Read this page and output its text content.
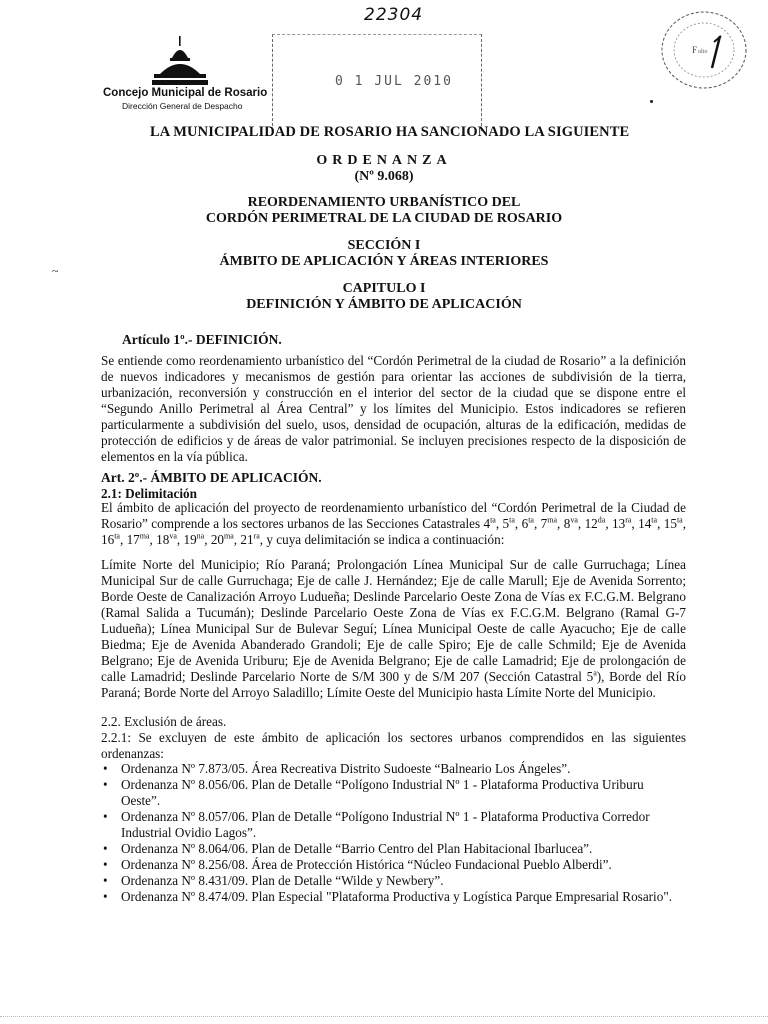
22304
0 1 JUL 2010
F olio
Concejo Municipal de Rosario
Dirección General de Despacho
~
LA MUNICIPALIDAD DE ROSARIO HA SANCIONADO LA SIGUIENTE
ORDENANZA
(Nº 9.068)
REORDENAMIENTO URBANÍSTICO DEL
CORDÓN PERIMETRAL DE LA CIUDAD DE ROSARIO
SECCIÓN I
ÁMBITO DE APLICACIÓN Y ÁREAS INTERIORES
CAPITULO I
DEFINICIÓN Y ÁMBITO DE APLICACIÓN
Artículo 1º.- DEFINICIÓN.
Se entiende como reordenamiento urbanístico del “Cordón Perimetral de la ciudad de Rosario” a la definición de nuevos indicadores y mecanismos de gestión para orientar las acciones de subdivisión de la tierra, urbanización, reconversión y construcción en el interior del sector de la ciudad que se dispone entre el “Segundo Anillo Perimetral al Área Central” y los límites del Municipio. Estos indicadores se refieren particularmente a subdivisión del suelo, usos, densidad de ocupación, alturas de la edificación, medidas de protección de edificios y de áreas de valor patrimonial. Se incluyen precisiones respecto de la disposición de elementos en la vía pública.
Art. 2º.- ÁMBITO DE APLICACIÓN.
2.1: Delimitación
El ámbito de aplicación del proyecto de reordenamiento urbanístico del “Cordón Perimetral de la Ciudad de Rosario” comprende a los sectores urbanos de las Secciones Catastrales $4^{ta}$, $5^{ta}$, $6^{ta}$, $7^{ma}$, $8^{va}$, $12^{da}$, $13^{ra}$, $14^{ta}$, $15^{ta}$, $16^{ta}$, $17^{ma}$, $18^{va}$, $19^{na}$, $20^{ma}$, $21^{ra}$, y cuya delimitación se indica a continuación:
Límite Norte del Municipio; Río Paraná; Prolongación Línea Municipal Sur de calle Gurruchaga; Línea Municipal Sur de calle Gurruchaga; Eje de calle J. Hernández; Eje de calle Marull; Eje de Avenida Sorrento; Borde Oeste de Canalización Arroyo Ludueña; Deslinde Parcelario Oeste Zona de Vías ex F.C.G.M. Belgrano (Ramal Salida a Tucumán); Deslinde Parcelario Oeste Zona de Vías ex F.C.G.M. Belgrano (Ramal G-7 Ludueña); Línea Municipal Sur de Bulevar Seguí; Línea Municipal Oeste de calle Ayacucho; Eje de calle Biedma; Eje de Avenida Abanderado Grandoli; Eje de calle Spiro; Eje de calle Schmild; Eje de Avenida Belgrano; Eje de Avenida Uriburu; Eje de Avenida Belgrano; Eje de calle Lamadrid; Eje de prolongación de calle Lamadrid; Deslinde Parcelario Norte de S/M 300 y de S/M 207 (Sección Catastral 5$^a$), Borde del Río Paraná; Borde Norte del Arroyo Saladillo; Límite Oeste del Municipio hasta Límite Norte del Municipio.
2.2. Exclusión de áreas.
2.2.1: Se excluyen de este ámbito de aplicación los sectores urbanos comprendidos en las siguientes ordenanzas:
• Ordenanza Nº 7.873/05. Área Recreativa Distrito Sudoeste “Balneario Los Ángeles”.
• Ordenanza Nº 8.056/06. Plan de Detalle “Polígono Industrial Nº 1 - Plataforma Productiva Uriburu Oeste”.
• Ordenanza Nº 8.057/06. Plan de Detalle “Polígono Industrial Nº 1 - Plataforma Productiva Corredor Industrial Ovidio Lagos”.
• Ordenanza Nº 8.064/06. Plan de Detalle “Barrio Centro del Plan Habitacional Ibarlucea”.
• Ordenanza Nº 8.256/08. Área de Protección Histórica “Núcleo Fundacional Pueblo Alberdi”.
• Ordenanza Nº 8.431/09. Plan de Detalle “Wilde y Newbery”.
• Ordenanza Nº 8.474/09. Plan Especial "Plataforma Productiva y Logística Parque Empresarial Rosario".
